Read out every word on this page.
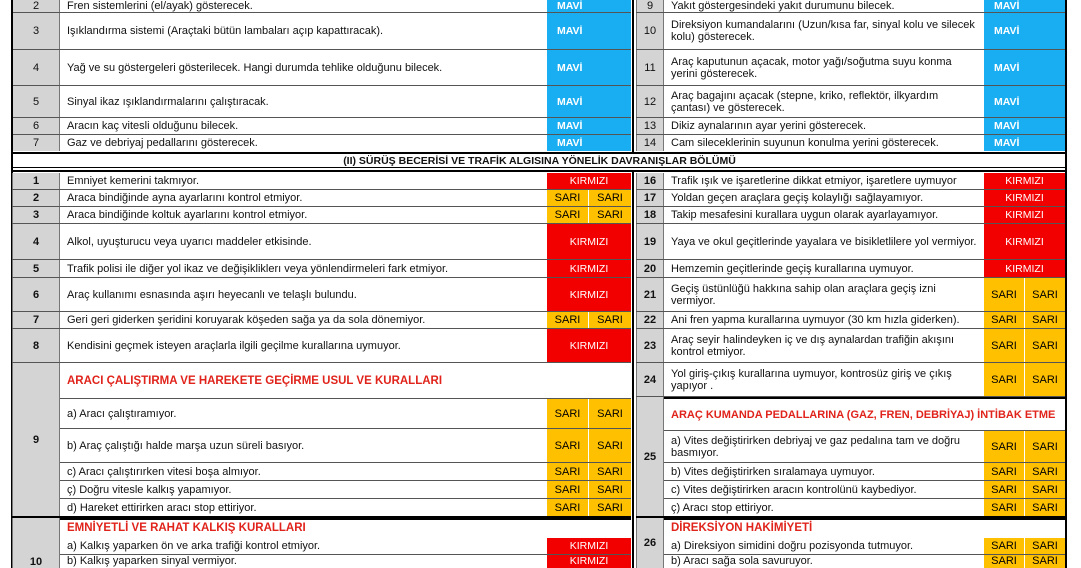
2	Fren sistemlerini (el/ayak) gösterecek.	MAVİ
3	Işıklandırma sistemi (Araçtaki bütün lambaları açıp kapattıracak).	MAVİ
4	Yağ ve su göstergeleri gösterilecek. Hangi durumda tehlike olduğunu bilecek.	MAVİ
5	Sinyal ikaz ışıklandırmalarını çalıştıracak.	MAVİ
6	Aracın kaç vitesli olduğunu bilecek.	MAVİ
7	Gaz ve debriyaj pedallarını gösterecek.	MAVİ
9	Yakıt göstergesindeki yakıt durumunu bilecek.	MAVİ
10	Direksiyon kumandalarını (Uzun/kısa far, sinyal kolu ve silecek kolu) gösterecek.	MAVİ
11	Araç kaputunun açacak, motor yağı/soğutma suyu konma yerini gösterecek.	MAVİ
12	Araç bagajını açacak (stepne, kriko, reflektör, ilkyardım çantası) ve gösterecek.	MAVİ
13	Dikiz aynalarının ayar yerini gösterecek.	MAVİ
14	Cam sileceklerinin suyunun konulma yerini gösterecek.	MAVİ
(II) SÜRÜŞ BECERİSİ VE TRAFİK ALGISINA YÖNELİK DAVRANIŞLAR BÖLÜMÜ
1	Emniyet kemerini takmıyor.	KIRMIZI
2	Araca bindiğinde ayna ayarlarını kontrol etmiyor.	SARI	SARI
3	Araca bindiğinde koltuk ayarlarını kontrol etmiyor.	SARI	SARI
4	Alkol, uyuşturucu veya uyarıcı maddeler etkisinde.	KIRMIZI
5	Trafik polisi ile diğer yol ikaz ve değişikliklerı veya yönlendirmeleri fark etmiyor.	KIRMIZI
6	Araç kullanımı esnasında aşırı heyecanlı ve telaşlı bulundu.	KIRMIZI
7	Geri geri giderken şeridini koruyarak köşeden sağa ya da sola dönemiyor.	SARI	SARI
8	Kendisini geçmek isteyen araçlarla ilgili geçilme kurallarına uymuyor.	KIRMIZI
9
ARACI ÇALIŞTIRMA VE HAREKETE GEÇİRME USUL VE KURALLARI
a) Aracı çalıştıramıyor.	SARI	SARI
b) Araç çalıştığı halde marşa uzun süreli basıyor.	SARI	SARI
c) Aracı çalıştırırken vitesi boşa almıyor.	SARI	SARI
ç) Doğru vitesle kalkış yapamıyor.	SARI	SARI
d) Hareket ettirirken aracı stop ettiriyor.	SARI	SARI
10
EMNİYETLİ VE RAHAT KALKIŞ KURALLARI
a) Kalkış yaparken ön ve arka trafiği kontrol etmiyor.	KIRMIZI
b) Kalkış yaparken sinyal vermiyor.	KIRMIZI
16	Trafik ışık ve işaretlerine dikkat etmiyor, işaretlere uymuyor	KIRMIZI
17	Yoldan geçen araçlara geçiş kolaylığı sağlayamıyor.	KIRMIZI
18	Takip mesafesini kurallara uygun olarak ayarlayamıyor.	KIRMIZI
19	Yaya ve okul geçitlerinde yayalara ve bisikletlilere yol vermiyor.	KIRMIZI
20	Hemzemin geçitlerinde geçiş kurallarına uymuyor.	KIRMIZI
21	Geçiş üstünlüğü hakkına sahip olan araçlara geçiş izni vermiyor.	SARI	SARI
22	Ani fren yapma kurallarına uymuyor (30 km hızla giderken).	SARI	SARI
23	Araç seyir halindeyken iç ve dış aynalardan trafiğin akışını kontrol etmiyor.	SARI	SARI
24	Yol giriş-çıkış kurallarına uymuyor, kontrosüz giriş ve çıkış yapıyor .	SARI	SARI
25
ARAÇ KUMANDA PEDALLARINA (GAZ, FREN, DEBRİYAJ) İNTİBAK ETME
a) Vites değiştirirken debriyaj ve gaz pedalına tam ve doğru basmıyor.	SARI	SARI
b) Vites değiştirirken sıralamaya uymuyor.	SARI	SARI
c) Vites değiştirirken aracın kontrolünü kaybediyor.	SARI	SARI
ç) Aracı stop ettiriyor.	SARI	SARI
26
DİREKSİYON HAKİMİYETİ
a) Direksiyon simidini doğru pozisyonda tutmuyor.	SARI	SARI
b) Aracı sağa sola savuruyor.	SARI	SARI
